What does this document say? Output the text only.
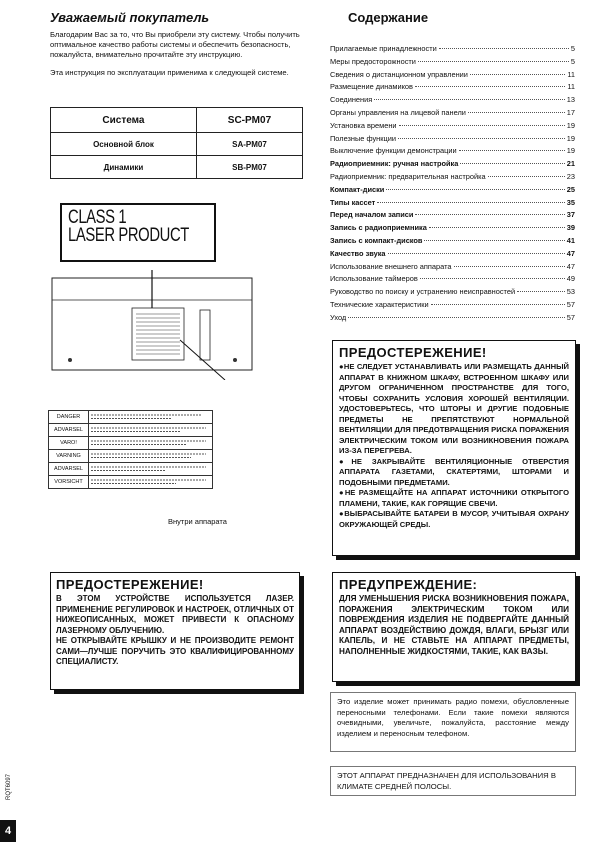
Уважаемый покупатель

Благодарим Вас за то, что Вы приобрели эту систему. Чтобы получить оптимальное качество работы системы и обеспечить безопасность, пожалуйста, внимательно прочитайте эту инструкцию.

Эта инструкция по эксплуатации применима к следующей системе.

Система	SC-PM07
Основной блок	SA-PM07
Динамики	SB-PM07
CLASS 1
LASER PRODUCT
DANGER	
ADVARSEL	
VARO!	
VARNING	
ADVARSEL	
VORSICHT	
Внутри аппарата
ПРЕДОСТЕРЕЖЕНИЕ!

В ЭТОМ УСТРОЙСТВЕ ИСПОЛЬЗУЕТСЯ ЛАЗЕР. ПРИМЕНЕНИЕ РЕГУЛИРОВОК И НАСТРОЕК, ОТЛИЧНЫХ ОТ НИЖЕОПИСАННЫХ, МОЖЕТ ПРИВЕСТИ К ОПАСНОМУ ЛАЗЕРНОМУ ОБЛУЧЕНИЮ.

НЕ ОТКРЫВАЙТЕ КРЫШКУ И НЕ ПРОИЗВОДИТЕ РЕМОНТ САМИ—ЛУЧШЕ ПОРУЧИТЬ ЭТО КВАЛИФИЦИРОВАННОМУ СПЕЦИАЛИСТУ.

RQT6097
4
Содержание
Прилагаемые принадлежности	5
Меры предосторожности	5
Сведения о дистанционном управлении	11
Размещение динамиков	11
Соединения	13
Органы управления на лицевой панели	17
Установка времени	19
Полезные функции	19
Выключение функции демонстрации	19
Радиоприемник: ручная настройка	21
Радиоприемник: предварительная настройка	23
Компакт-диски	25
Типы кассет	35
Перед началом записи	37
Запись с радиоприемника	39
Запись с компакт-дисков	41
Качество звука	47
Использование внешнего аппарата	47
Использование таймеров	49
Руководство по поиску и устранению неисправностей	53
Технические характеристики	57
Уход	57
ПРЕДОСТЕРЕЖЕНИЕ!
●НЕ СЛЕДУЕТ УСТАНАВЛИВАТЬ ИЛИ РАЗМЕЩАТЬ ДАННЫЙ АППАРАТ В КНИЖНОМ ШКАФУ, ВСТРОЕННОМ ШКАФУ ИЛИ ДРУГОМ ОГРАНИЧЕННОМ ПРОСТРАНСТВЕ ДЛЯ ТОГО, ЧТОБЫ СОХРАНИТЬ УСЛОВИЯ ХОРОШЕЙ ВЕНТИЛЯЦИИ. УДОСТОВЕРЬТЕСЬ, ЧТО ШТОРЫ И ДРУГИЕ ПОДОБНЫЕ ПРЕДМЕТЫ НЕ ПРЕПЯТСТВУЮТ НОРМАЛЬНОЙ ВЕНТИЛЯЦИИ ДЛЯ ПРЕДОТВРАЩЕНИЯ РИСКА ПОРАЖЕНИЯ ЭЛЕКТРИЧЕСКИМ ТОКОМ ИЛИ ВОЗНИКНОВЕНИЯ ПОЖАРА ИЗ-ЗА ПЕРЕГРЕВА.
●НЕ ЗАКРЫВАЙТЕ ВЕНТИЛЯЦИОННЫЕ ОТВЕРСТИЯ АППАРАТА ГАЗЕТАМИ, СКАТЕРТЯМИ, ШТОРАМИ И ПОДОБНЫМИ ПРЕДМЕТАМИ.
●НЕ РАЗМЕЩАЙТЕ НА АППАРАТ ИСТОЧНИКИ ОТКРЫТОГО ПЛАМЕНИ, ТАКИЕ, КАК ГОРЯЩИЕ СВЕЧИ.
●ВЫБРАСЫВАЙТЕ БАТАРЕИ В МУСОР, УЧИТЫВАЯ ОХРАНУ ОКРУЖАЮЩЕЙ СРЕДЫ.
ПРЕДУПРЕЖДЕНИЕ:
ДЛЯ УМЕНЬШЕНИЯ РИСКА ВОЗНИКНОВЕНИЯ ПОЖАРА, ПОРАЖЕНИЯ ЭЛЕКТРИЧЕСКИМ ТОКОМ ИЛИ ПОВРЕЖДЕНИЯ ИЗДЕЛИЯ НЕ ПОДВЕРГАЙТЕ ДАННЫЙ АППАРАТ ВОЗДЕЙСТВИЮ ДОЖДЯ, ВЛАГИ, БРЫЗГ ИЛИ КАПЕЛЬ, И НЕ СТАВЬТЕ НА АППАРАТ ПРЕДМЕТЫ, НАПОЛНЕННЫЕ ЖИДКОСТЯМИ, ТАКИЕ, КАК ВАЗЫ.
Это изделие может принимать радио помехи, обусловленные переносными телефонами. Если такие помехи являются очевидными, увеличьте, пожалуйста, расстояние между изделием и переносным телефоном.
ЭТОТ АППАРАТ ПРЕДНАЗНАЧЕН ДЛЯ ИСПОЛЬЗОВАНИЯ В КЛИМАТЕ СРЕДНЕЙ ПОЛОСЫ.
